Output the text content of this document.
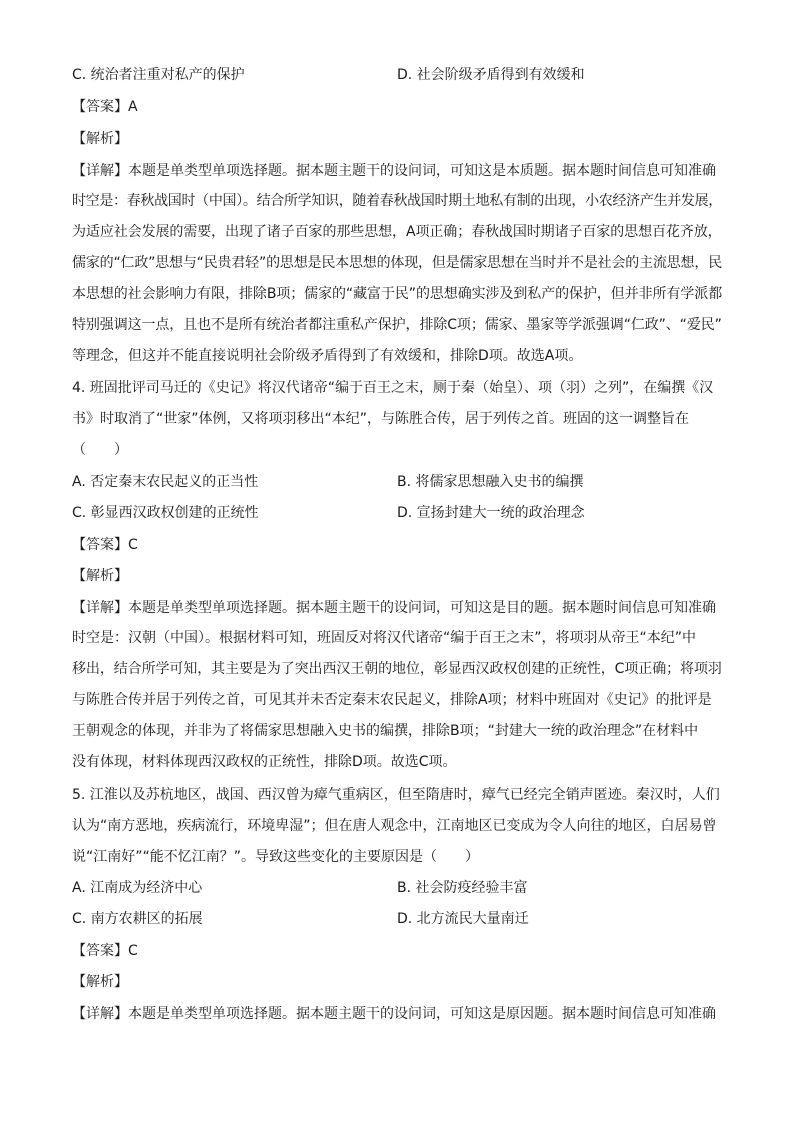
C. 统治者注重对私产的保护	D. 社会阶级矛盾得到有效缓和
【答案】A
【解析】
【详解】本题是单类型单项选择题。据本题主题干的设问词，可知这是本质题。据本题时间信息可知准确
时空是：春秋战国时（中国）。结合所学知识，随着春秋战国时期土地私有制的出现，小农经济产生并发展，
为适应社会发展的需要，出现了诸子百家的那些思想，A项正确；春秋战国时期诸子百家的思想百花齐放，
儒家的“仁政”思想与“民贵君轻”的思想是民本思想的体现，但是儒家思想在当时并不是社会的主流思想，民
本思想的社会影响力有限，排除B项；儒家的“藏富于民”的思想确实涉及到私产的保护，但并非所有学派都
特别强调这一点，且也不是所有统治者都注重私产保护，排除C项；儒家、墨家等学派强调“仁政”、“爱民”
等理念，但这并不能直接说明社会阶级矛盾得到了有效缓和，排除D项。故选A项。
4. 班固批评司马迁的《史记》将汉代诸帝“编于百王之末，厕于秦（始皇）、项（羽）之列”，在编撰《汉
书》时取消了“世家”体例，又将项羽移出“本纪”，与陈胜合传，居于列传之首。班固的这一调整旨在
（　　）
A. 否定秦末农民起义的正当性	B. 将儒家思想融入史书的编撰
C. 彰显西汉政权创建的正统性	D. 宣扬封建大一统的政治理念
【答案】C
【解析】
【详解】本题是单类型单项选择题。据本题主题干的设问词，可知这是目的题。据本题时间信息可知准确
时空是：汉朝（中国）。根据材料可知，班固反对将汉代诸帝“编于百王之末”，将项羽从帝王“本纪”中
移出，结合所学可知，其主要是为了突出西汉王朝的地位，彰显西汉政权创建的正统性，C项正确；将项羽
与陈胜合传并居于列传之首，可见其并未否定秦末农民起义，排除A项；材料中班固对《史记》的批评是
王朝观念的体现，并非为了将儒家思想融入史书的编撰，排除B项；“封建大一统的政治理念”在材料中
没有体现，材料体现西汉政权的正统性，排除D项。故选C项。
5. 江淮以及苏杭地区，战国、西汉曾为瘴气重病区，但至隋唐时，瘴气已经完全销声匿迹。秦汉时，人们
认为“南方恶地，疾病流行，环境卑湿”；但在唐人观念中，江南地区已变成为令人向往的地区，白居易曾
说“江南好”“能不忆江南？”。导致这些变化的主要原因是（　　）
A. 江南成为经济中心	B. 社会防疫经验丰富
C. 南方农耕区的拓展	D. 北方流民大量南迁
【答案】C
【解析】
【详解】本题是单类型单项选择题。据本题主题干的设问词，可知这是原因题。据本题时间信息可知准确
